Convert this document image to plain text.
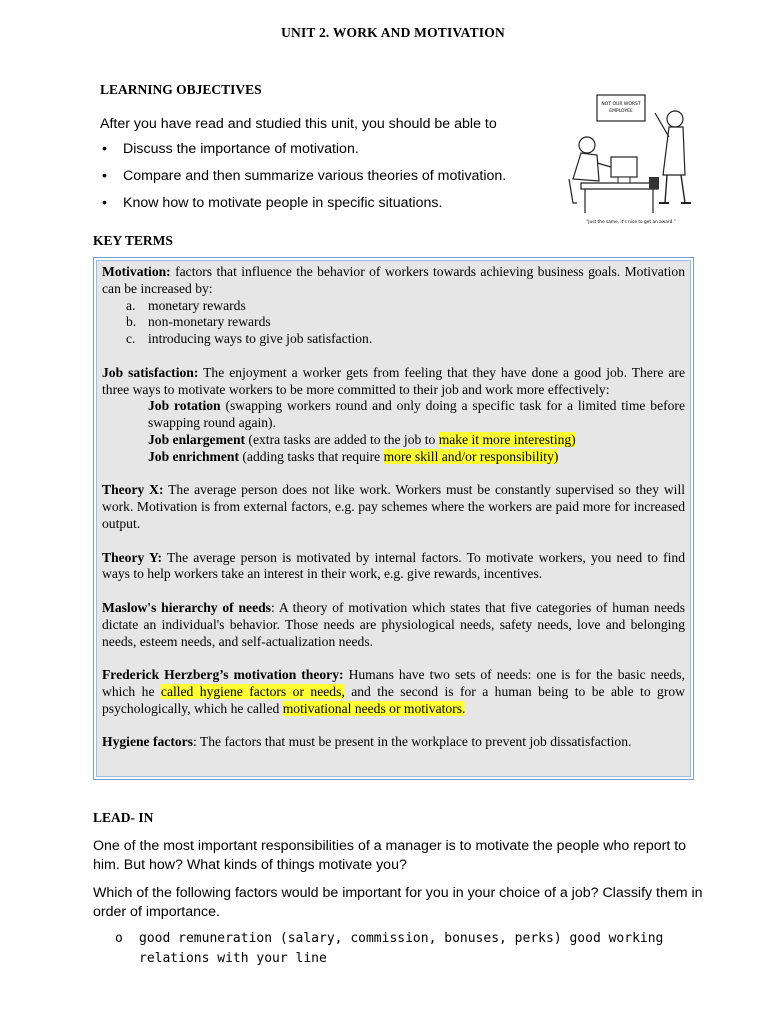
UNIT 2. WORK AND MOTIVATION
LEARNING OBJECTIVES
After you have read and studied this unit, you should be able to
• Discuss the importance of motivation.
• Compare and then summarize various theories of motivation.
• Know how to motivate people in specific situations.
NOT OUR WORST
EMPLOYEE
"Just the same, it's nice to get an award."
KEY TERMS

Motivation: factors that influence the behavior of workers towards achieving business goals. Motivation can be increased by:

a. monetary rewards
b. non-monetary rewards
c. introducing ways to give job satisfaction.

Job satisfaction: The enjoyment a worker gets from feeling that they have done a good job. There are three ways to motivate workers to be more committed to their job and work more effectively:

Job rotation (swapping workers round and only doing a specific task for a limited time before swapping round again).

Job enlargement (extra tasks are added to the job to make it more interesting)

Job enrichment (adding tasks that require more skill and/or responsibility)

Theory X: The average person does not like work. Workers must be constantly supervised so they will work. Motivation is from external factors, e.g. pay schemes where the workers are paid more for increased output.

Theory Y: The average person is motivated by internal factors. To motivate workers, you need to find ways to help workers take an interest in their work, e.g. give rewards, incentives.

Maslow's hierarchy of needs: A theory of motivation which states that five categories of human needs dictate an individual's behavior. Those needs are physiological needs, safety needs, love and belonging needs, esteem needs, and self-actualization needs.

Frederick Herzberg’s motivation theory: Humans have two sets of needs: one is for the basic needs, which he called hygiene factors or needs, and the second is for a human being to be able to grow psychologically, which he called motivational needs or motivators.

Hygiene factors: The factors that must be present in the workplace to prevent job dissatisfaction.

LEAD- IN
One of the most important responsibilities of a manager is to motivate the people who report to him. But how? What kinds of things motivate you?
Which of the following factors would be important for you in your choice of a job? Classify them in order of importance.
o	good remuneration (salary, commission, bonuses, perks) good working relations with your line
